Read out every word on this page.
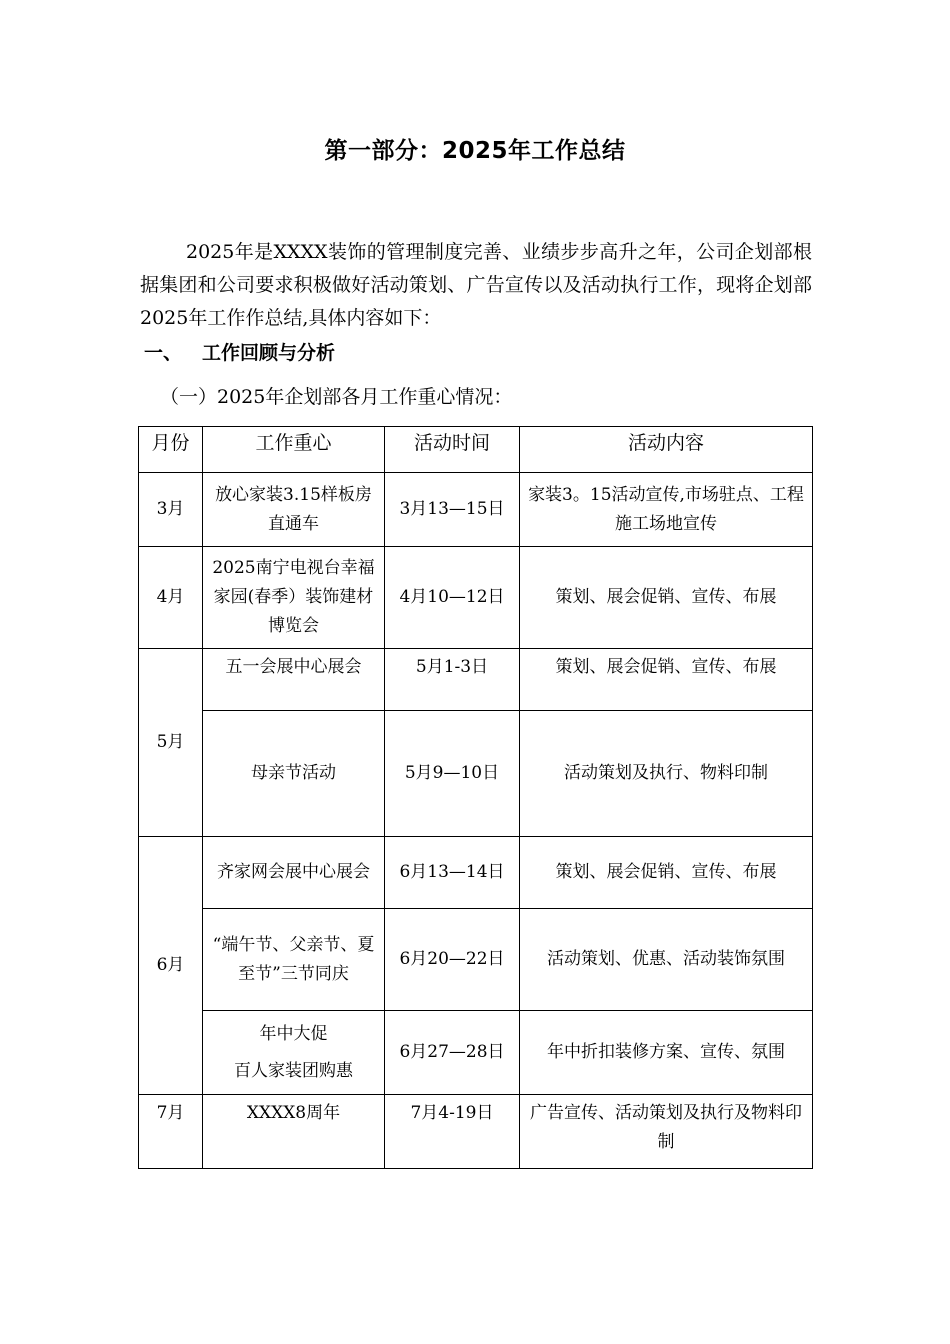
第一部分：2025年工作总结

2025年是XXXX装饰的管理制度完善、业绩步步高升之年，公司企划部根据集团和公司要求积极做好活动策划、广告宣传以及活动执行工作，现将企划部2025年工作作总结,具体内容如下：

一、 工作回顾与分析
（一）2025年企划部各月工作重心情况：
月份	工作重心	活动时间	活动内容
3月	放心家装3.15样板房直通车	3月13—15日	家装3。15活动宣传,市场驻点、工程施工场地宣传
4月	2025南宁电视台幸福家园(春季）装饰建材博览会	4月10—12日	策划、展会促销、宣传、布展
5月	五一会展中心展会	5月1-3日	策划、展会促销、宣传、布展
	母亲节活动	5月9—10日	活动策划及执行、物料印制
6月	齐家网会展中心展会	6月13—14日	策划、展会促销、宣传、布展
	“端午节、父亲节、夏至节”三节同庆	6月20—22日	活动策划、优惠、活动装饰氛围

	年中大促
百人家装团购惠	6月27—28日	年中折扣装修方案、宣传、氛围
7月	XXXX8周年	7月4-19日	广告宣传、活动策划及执行及物料印制
